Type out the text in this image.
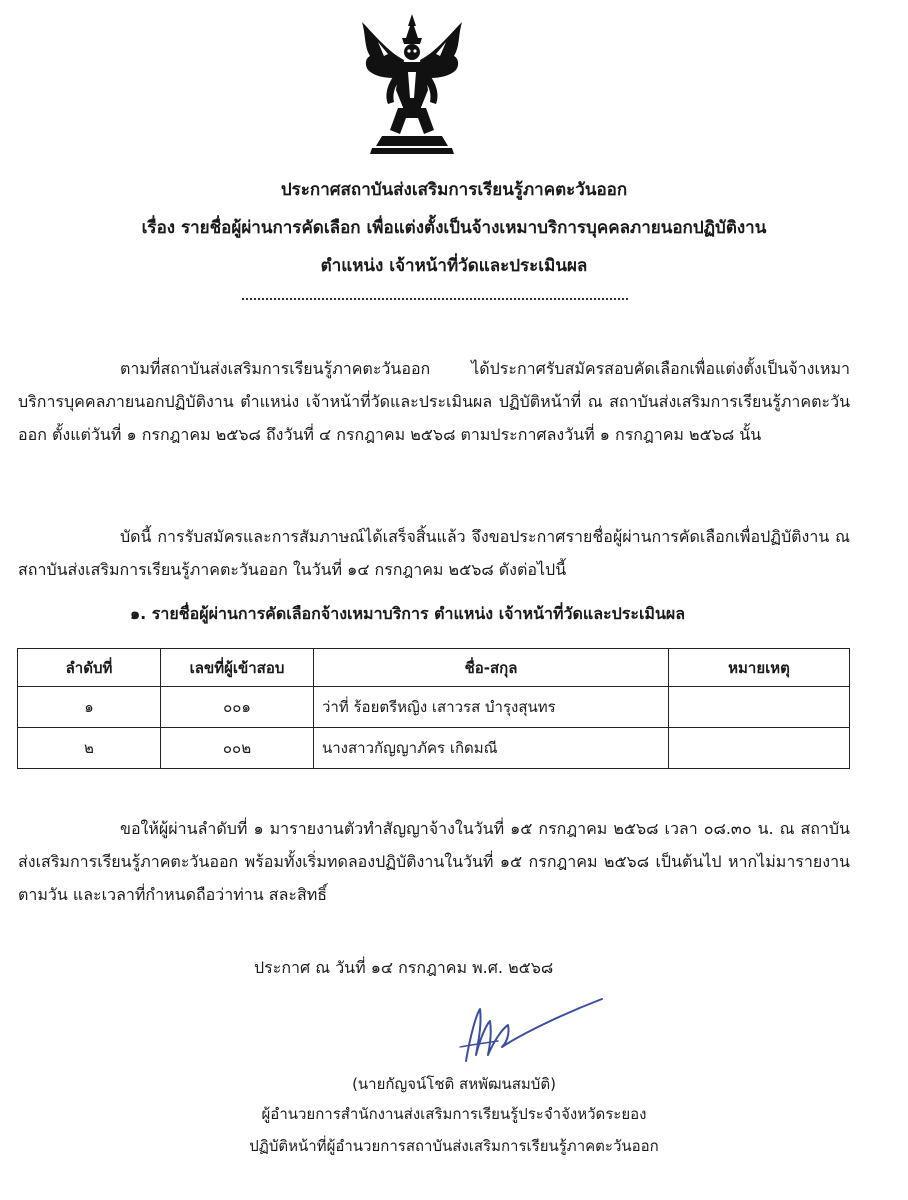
ประกาศสถาบันส่งเสริมการเรียนรู้ภาคตะวันออก
เรื่อง รายชื่อผู้ผ่านการคัดเลือก เพื่อแต่งตั้งเป็นจ้างเหมาบริการบุคคลภายนอกปฏิบัติงาน
ตำแหน่ง เจ้าหน้าที่วัดและประเมินผล
ตามที่สถาบันส่งเสริมการเรียนรู้ภาคตะวันออก ได้ประกาศรับสมัครสอบคัดเลือกเพื่อแต่งตั้งเป็นจ้างเหมาบริการบุคคลภายนอกปฏิบัติงาน ตำแหน่ง เจ้าหน้าที่วัดและประเมินผล ปฏิบัติหน้าที่ ณ สถาบันส่งเสริมการเรียนรู้ภาคตะวันออก ตั้งแต่วันที่ ๑ กรกฎาคม ๒๕๖๘ ถึงวันที่ ๔ กรกฎาคม ๒๕๖๘ ตามประกาศลงวันที่ ๑ กรกฎาคม ๒๕๖๘ นั้น
บัดนี้ การรับสมัครและการสัมภาษณ์ได้เสร็จสิ้นแล้ว จึงขอประกาศรายชื่อผู้ผ่านการคัดเลือกเพื่อปฏิบัติงาน ณ สถาบันส่งเสริมการเรียนรู้ภาคตะวันออก ในวันที่ ๑๔ กรกฎาคม ๒๕๖๘ ดังต่อไปนี้
๑. รายชื่อผู้ผ่านการคัดเลือกจ้างเหมาบริการ ตำแหน่ง เจ้าหน้าที่วัดและประเมินผล
ลำดับที่	เลขที่ผู้เข้าสอบ	ชื่อ-สกุล	หมายเหตุ
๑	๐๐๑	ว่าที่ ร้อยตรีหญิง เสาวรส บำรุงสุนทร	
๒	๐๐๒	นางสาวกัญญาภัคร เกิดมณี	
ขอให้ผู้ผ่านลำดับที่ ๑ มารายงานตัวทำสัญญาจ้างในวันที่ ๑๕ กรกฎาคม ๒๕๖๘ เวลา ๐๘.๓๐ น. ณ สถาบันส่งเสริมการเรียนรู้ภาคตะวันออก พร้อมทั้งเริ่มทดลองปฏิบัติงานในวันที่ ๑๕ กรกฎาคม ๒๕๖๘ เป็นต้นไป หากไม่มารายงานตามวัน และเวลาที่กำหนดถือว่าท่าน สละสิทธิ์
ประกาศ ณ วันที่ ๑๔ กรกฎาคม พ.ศ. ๒๕๖๘
(นายกัญจน์โชติ สหพัฒนสมบัติ)
ผู้อำนวยการสำนักงานส่งเสริมการเรียนรู้ประจำจังหวัดระยอง
ปฏิบัติหน้าที่ผู้อำนวยการสถาบันส่งเสริมการเรียนรู้ภาคตะวันออก
